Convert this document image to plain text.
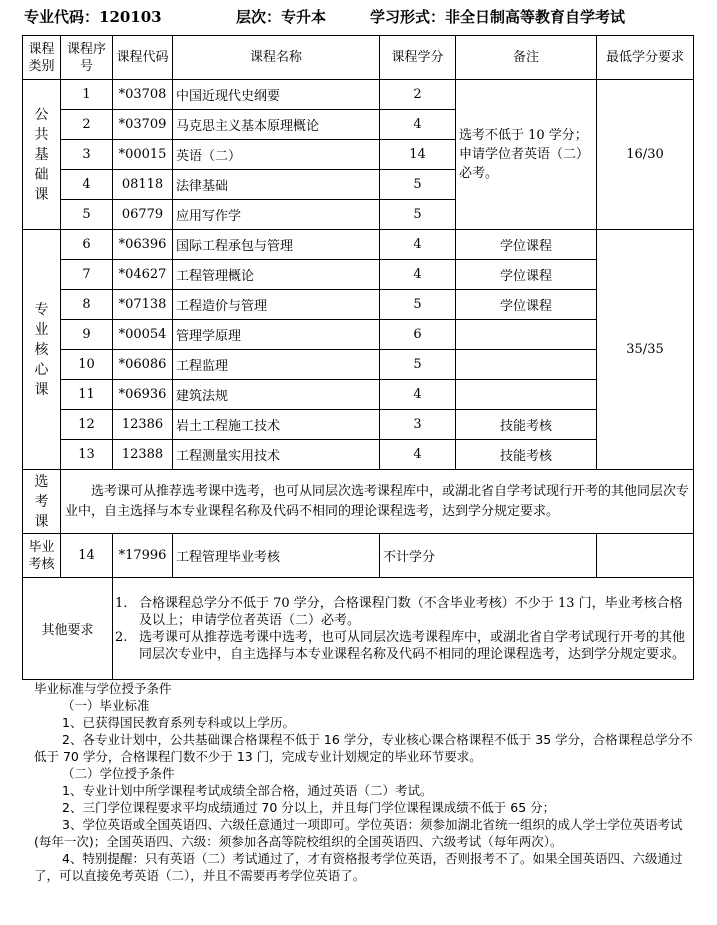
专业代码：120103	层次：专升本	学习形式：非全日制高等教育自学考试
课程类别	课程序号	课程代码	课程名称	课程学分	备注	最低学分要求
公共基础课	1	*03708	中国近现代史纲要	2	选考不低于 10 学分；申请学位者英语（二）必考。	16/30
	2	*03709	马克思主义基本原理概论	4		
	3	*00015	英语（二）	14		
	4	08118	法律基础	5		
	5	06779	应用写作学	5		
专业核心课	6	*06396	国际工程承包与管理	4	学位课程	35/35
	7	*04627	工程管理概论	4	学位课程	
	8	*07138	工程造价与管理	5	学位课程	
	9	*00054	管理学原理	6		
	10	*06086	工程监理	5		
	11	*06936	建筑法规	4		
	12	12386	岩土工程施工技术	3	技能考核	
	13	12388	工程测量实用技术	4	技能考核	
选考课	选考课可从推荐选考课中选考，也可从同层次选考课程库中，或湖北省自学考试现行开考的其他同层次专业中，自主选择与本专业课程名称及代码不相同的理论课程选考，达到学分规定要求。					
毕业考核	14	*17996	工程管理毕业考核	不计学分		
其他要求		1. 合格课程总学分不低于 70 学分，合格课程门数（不含毕业考核）不少于 13 门，毕业考核合格及以上；申请学位者英语（二）必考。
2. 选考课可从推荐选考课中选考，也可从同层次选考课程库中，或湖北省自学考试现行开考的其他同层次专业中，自主选择与本专业课程名称及代码不相同的理论课程选考，达到学分规定要求。				

毕业标准与学位授予条件

（一）毕业标准

1、已获得国民教育系列专科或以上学历。

2、各专业计划中，公共基础课合格课程不低于 16 学分，专业核心课合格课程不低于 35 学分，合格课程总学分不低于 70 学分，合格课程门数不少于 13 门，完成专业计划规定的毕业环节要求。

（二）学位授予条件

1、专业计划中所学课程考试成绩全部合格，通过英语（二）考试。

2、三门学位课程要求平均成绩通过 70 分以上，并且每门学位课程课成绩不低于 65 分；

3、学位英语或全国英语四、六级任意通过一项即可。学位英语：须参加湖北省统一组织的成人学士学位英语考试(每年一次)；全国英语四、六级：须参加各高等院校组织的全国英语四、六级考试（每年两次）。

4、特别提醒：只有英语（二）考试通过了，才有资格报考学位英语，否则报考不了。如果全国英语四、六级通过了，可以直接免考英语（二），并且不需要再考学位英语了。
